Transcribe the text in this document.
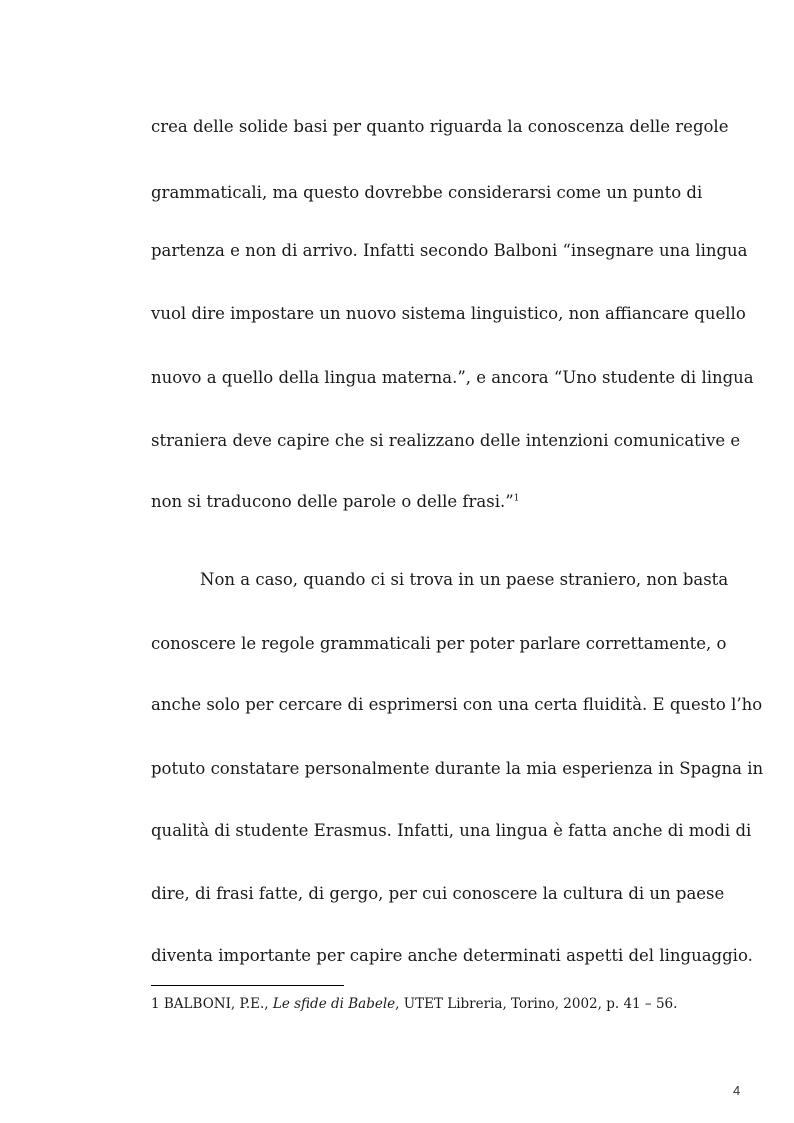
crea delle solide basi per quanto riguarda la conoscenza delle regole
grammaticali, ma questo dovrebbe considerarsi come un punto di
partenza e non di arrivo. Infatti secondo Balboni “insegnare una lingua
vuol dire impostare un nuovo sistema linguistico, non affiancare quello
nuovo a quello della lingua materna.”, e ancora “Uno studente di lingua
straniera deve capire che si realizzano delle intenzioni comunicative e
non si traducono delle parole o delle frasi.”$^1$
Non a caso, quando ci si trova in un paese straniero, non basta
conoscere le regole grammaticali per poter parlare correttamente, o
anche solo per cercare di esprimersi con una certa fluidità. E questo l’ho
potuto constatare personalmente durante la mia esperienza in Spagna in
qualità di studente Erasmus. Infatti, una lingua è fatta anche di modi di
dire, di frasi fatte, di gergo, per cui conoscere la cultura di un paese
diventa importante per capire anche determinati aspetti del linguaggio.
1 BALBONI, P.E., Le sfide di Babele, UTET Libreria, Torino, 2002, p. 41 – 56.
4
